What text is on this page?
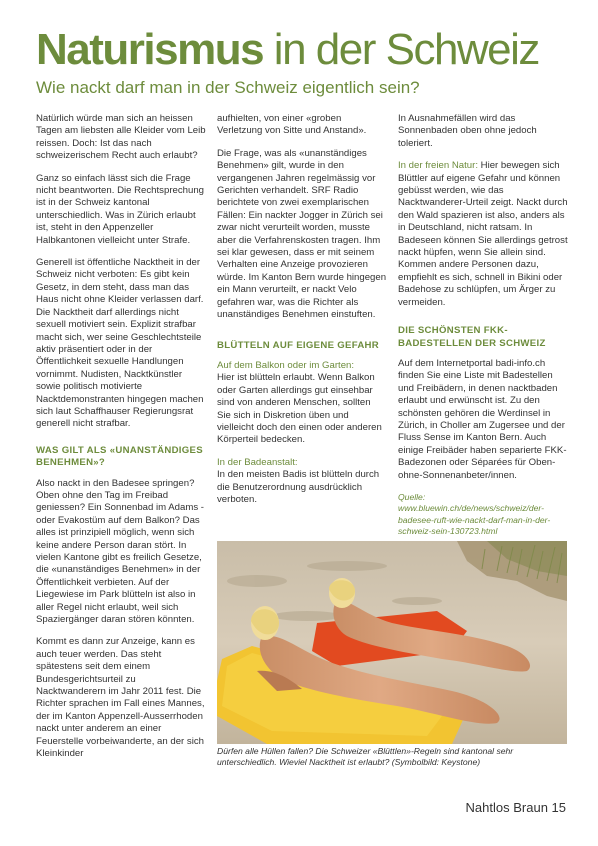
Naturismus in der Schweiz
Wie nackt darf man in der Schweiz eigentlich sein?

Natürlich würde man sich an heissen Tagen am liebsten alle Kleider vom Leib reissen. Doch: Ist das nach schweizerischem Recht auch erlaubt?

Ganz so einfach lässt sich die Frage nicht beantworten. Die Rechtsprechung ist in der Schweiz kantonal unterschiedlich. Was in Zürich erlaubt ist, steht in den Appenzeller Halbkantonen vielleicht unter Strafe.

Generell ist öffentliche Nacktheit in der Schweiz nicht verboten: Es gibt kein Gesetz, in dem steht, dass man das Haus nicht ohne Kleider verlassen darf. Die Nacktheit darf allerdings nicht sexuell motiviert sein. Explizit strafbar macht sich, wer seine Geschlechtsteile aktiv präsentiert oder in der Öffentlichkeit sexuelle Handlungen vornimmt. Nudisten, Nacktkünstler sowie politisch motivierte Nacktdemonstranten hingegen machen sich laut Schaffhauser Regierungsrat generell nicht strafbar.

WAS GILT ALS «UNANSTÄNDIGES BENEHMEN»?

Also nackt in den Badesee springen? Oben ohne den Tag im Freibad geniessen? Ein Sonnenbad im Adams - oder Evakostüm auf dem Balkon? Das alles ist prinzipiell möglich, wenn sich keine andere Person daran stört. In vielen Kantone gibt es freilich Gesetze, die «unanständiges Benehmen» in der Öffentlichkeit verbieten. Auf der Liegewiese im Park blütteln ist also in aller Regel nicht erlaubt, weil sich Spaziergänger daran stören könnten.

Kommt es dann zur Anzeige, kann es auch teuer werden. Das steht spätestens seit dem einem Bundesgerichtsurteil zu Nacktwanderern im Jahr 2011 fest. Die Richter sprachen im Fall eines Mannes, der im Kanton Appenzell-Ausserrhoden nackt unter anderem an einer Feuerstelle vorbeiwanderte, an der sich Kleinkinder

aufhielten, von einer «groben Verletzung von Sitte und Anstand».

Die Frage, was als «unanständiges Benehmen» gilt, wurde in den vergangenen Jahren regelmässig vor Gerichten verhandelt. SRF Radio berichtete von zwei exemplarischen Fällen: Ein nackter Jogger in Zürich sei zwar nicht verurteilt worden, musste aber die Verfahrenskosten tragen. Ihm sei klar gewesen, dass er mit seinem Verhalten eine Anzeige provozieren würde. Im Kanton Bern wurde hingegen ein Mann verurteilt, er nackt Velo gefahren war, was die Richter als unanständiges Benehmen einstuften.

BLÜTTELN AUF EIGENE GEFAHR
Auf dem Balkon oder im Garten:

Hier ist blütteln erlaubt. Wenn Balkon oder Garten allerdings gut einsehbar sind von anderen Menschen, sollten Sie sich in Diskretion üben und vielleicht doch den einen oder anderen Körperteil bedecken.

In der Badeanstalt:

In den meisten Badis ist blütteln durch die Benutzerordnung ausdrücklich verboten.

In Ausnahmefällen wird das Sonnenbaden oben ohne jedoch toleriert.

In der freien Natur: Hier bewegen sich Blüttler auf eigene Gefahr und können gebüsst werden, wie das Nacktwanderer-Urteil zeigt. Nackt durch den Wald spazieren ist also, anders als in Deutschland, nicht ratsam. In Badeseen können Sie allerdings getrost nackt hüpfen, wenn Sie allein sind. Kommen andere Personen dazu, empfiehlt es sich, schnell in Bikini oder Badehose zu schlüpfen, um Ärger zu vermeiden.

DIE SCHÖNSTEN FKK-BADESTELLEN DER SCHWEIZ

Auf dem Internetportal badi-info.ch finden Sie eine Liste mit Badestellen und Freibädern, in denen nacktbaden erlaubt und erwünscht ist. Zu den schönsten gehören die Werdinsel in Zürich, in Choller am Zugersee und der Fluss Sense im Kanton Bern. Auch einige Freibäder haben separierte FKK-Badezonen oder Séparées für Oben-ohne-Sonnenanbeter/innen.

Quelle: www.bluewin.ch/de/news/schweiz/der-badesee-ruft-wie-nackt-darf-man-in-der-schweiz-sein-130723.html
Dürfen alle Hüllen fallen? Die Schweizer «Blüttlen»-Regeln sind kantonal sehr unterschiedlich. Wieviel Nacktheit ist erlaubt? (Symbolbild: Keystone)
Nahtlos Braun 15
